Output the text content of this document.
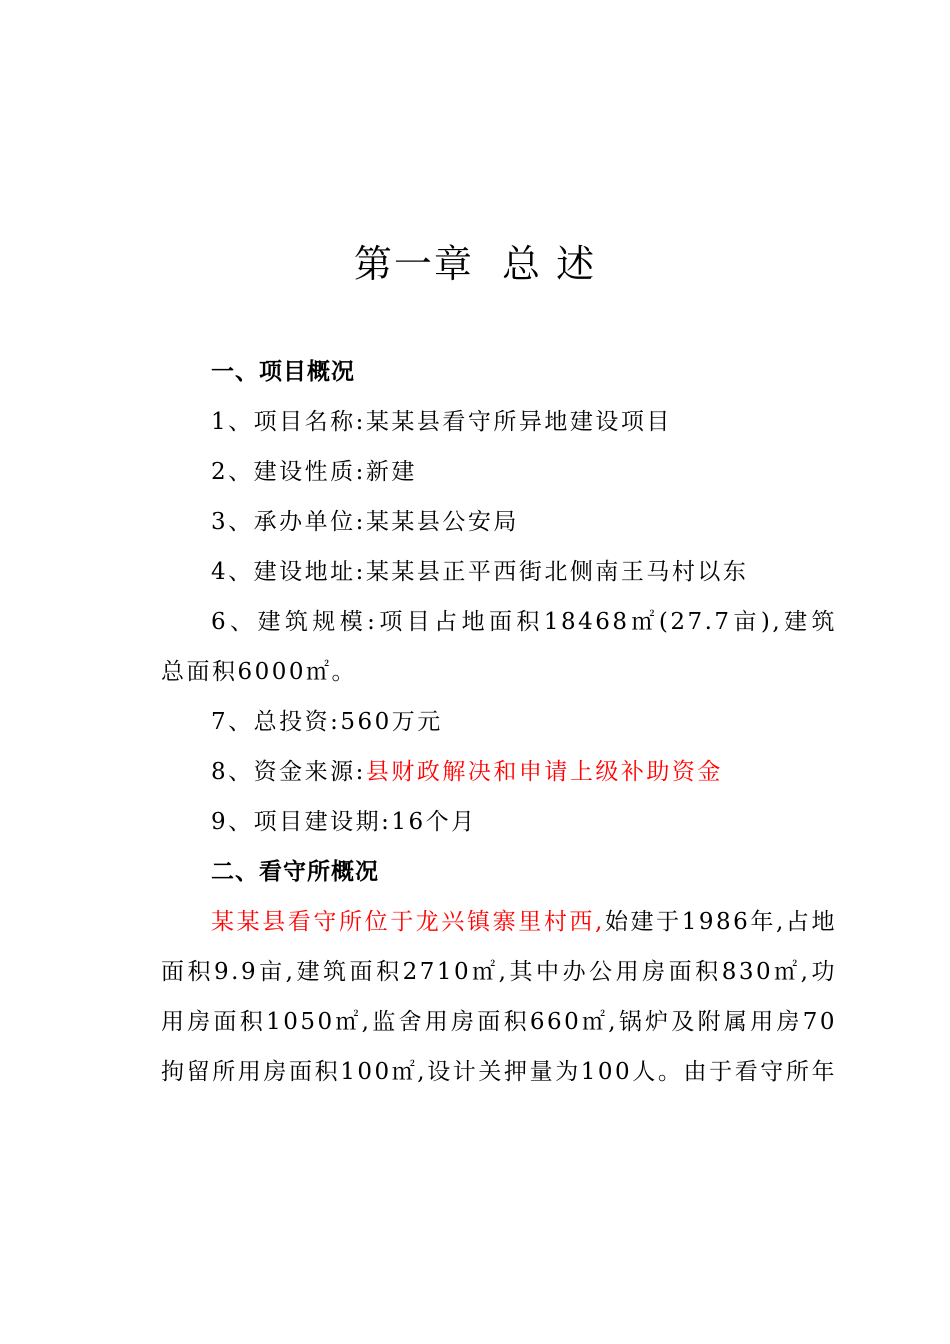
第一章  总 述
一、项目概况
1、项目名称:某某县看守所异地建设项目
2、建设性质:新建
3、承办单位:某某县公安局
4、建设地址:某某县正平西街北侧南王马村以东
6、建筑规模:项目占地面积18468㎡(27.7亩),建筑
总面积6000㎡。
7、总投资:560万元
8、资金来源:县财政解决和申请上级补助资金
9、项目建设期:16个月
二、看守所概况
某某县看守所位于龙兴镇寨里村西,始建于1986年,占地
面积9.9亩,建筑面积2710㎡,其中办公用房面积830㎡,功
用房面积1050㎡,监舍用房面积660㎡,锅炉及附属用房70
拘留所用房面积100㎡,设计关押量为100人。由于看守所年
